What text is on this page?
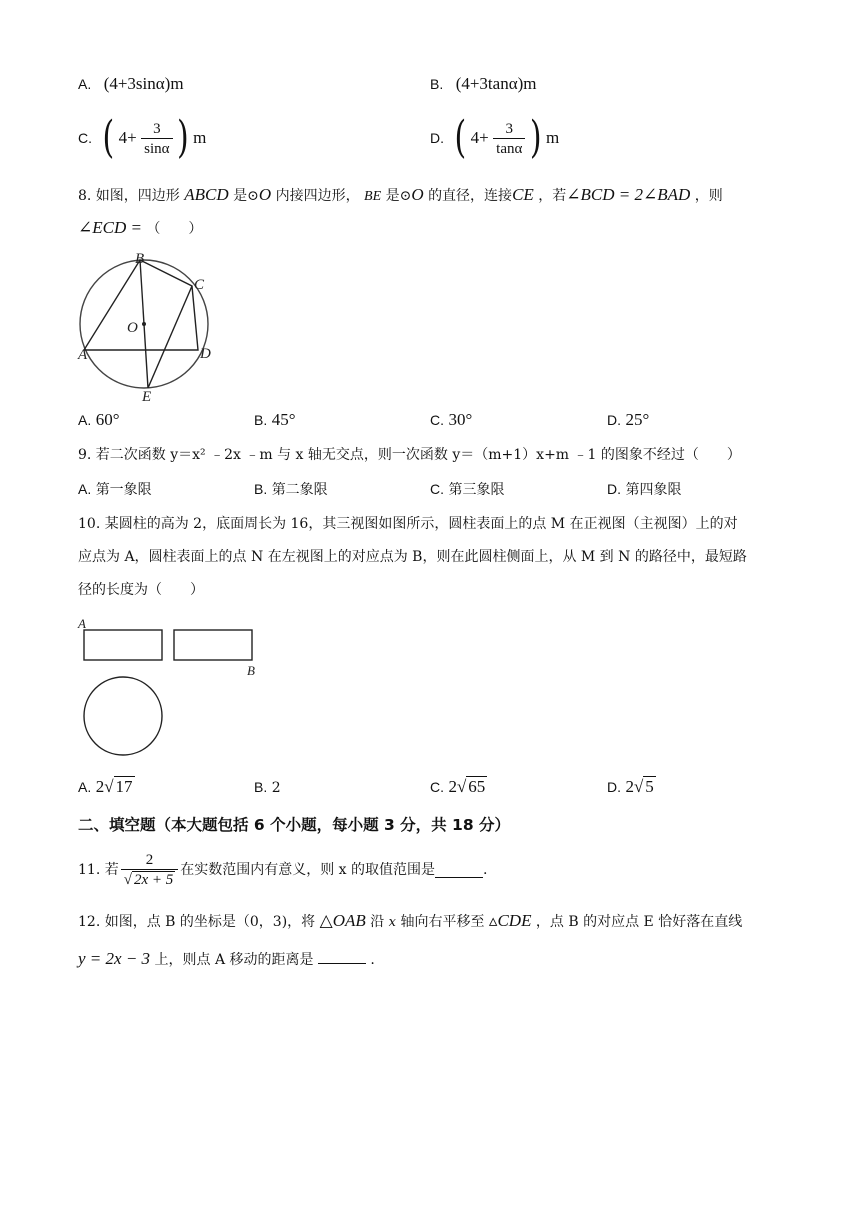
A. (4+3sinα)m	B. (4+3tanα)m
C. ( $4+ \frac{3}{\sin\alpha}$ ) m	D. ( $4+ \frac{3}{\tan\alpha}$ ) m
8. 如图，四边形 ABCD 是⊙O 内接四边形， BE 是⊙O 的直径，连接CE ，若∠BCD = 2∠BAD ，则
∠ECD = （　　）
B
C
O
A	D
E
A. 60°	B. 45°	C. 30°	D. 25°
9. 若二次函数 y＝x² ﹣2x ﹣m 与 x 轴无交点，则一次函数 y＝（m+1）x+m ﹣1 的图象不经过（　　）
A. 第一象限	B. 第二象限	C. 第三象限	D. 第四象限
10. 某圆柱的高为 2，底面周长为 16，其三视图如图所示，圆柱表面上的点 M 在正视图（主视图）上的对
应点为 A，圆柱表面上的点 N 在左视图上的对应点为 B，则在此圆柱侧面上，从 M 到 N 的路径中，最短路
径的长度为（　　）
A
B
A. 2√ 17	B. 2	C. 2√ 65	D. 2√ 5
二、填空题（本大题包括 6 个小题，每小题 3 分，共 18 分）
11. 若 $\frac{2}{√ 2x + 5}$ 在实数范围内有意义，则 x 的取值范围是	.
12. 如图，点 B 的坐标是（0，3)，将 △OAB 沿 x 轴向右平移至 ▵CDE ，点 B 的对应点 E 恰好落在直线
y = 2x − 3 上，则点 A 移动的距离是	.
